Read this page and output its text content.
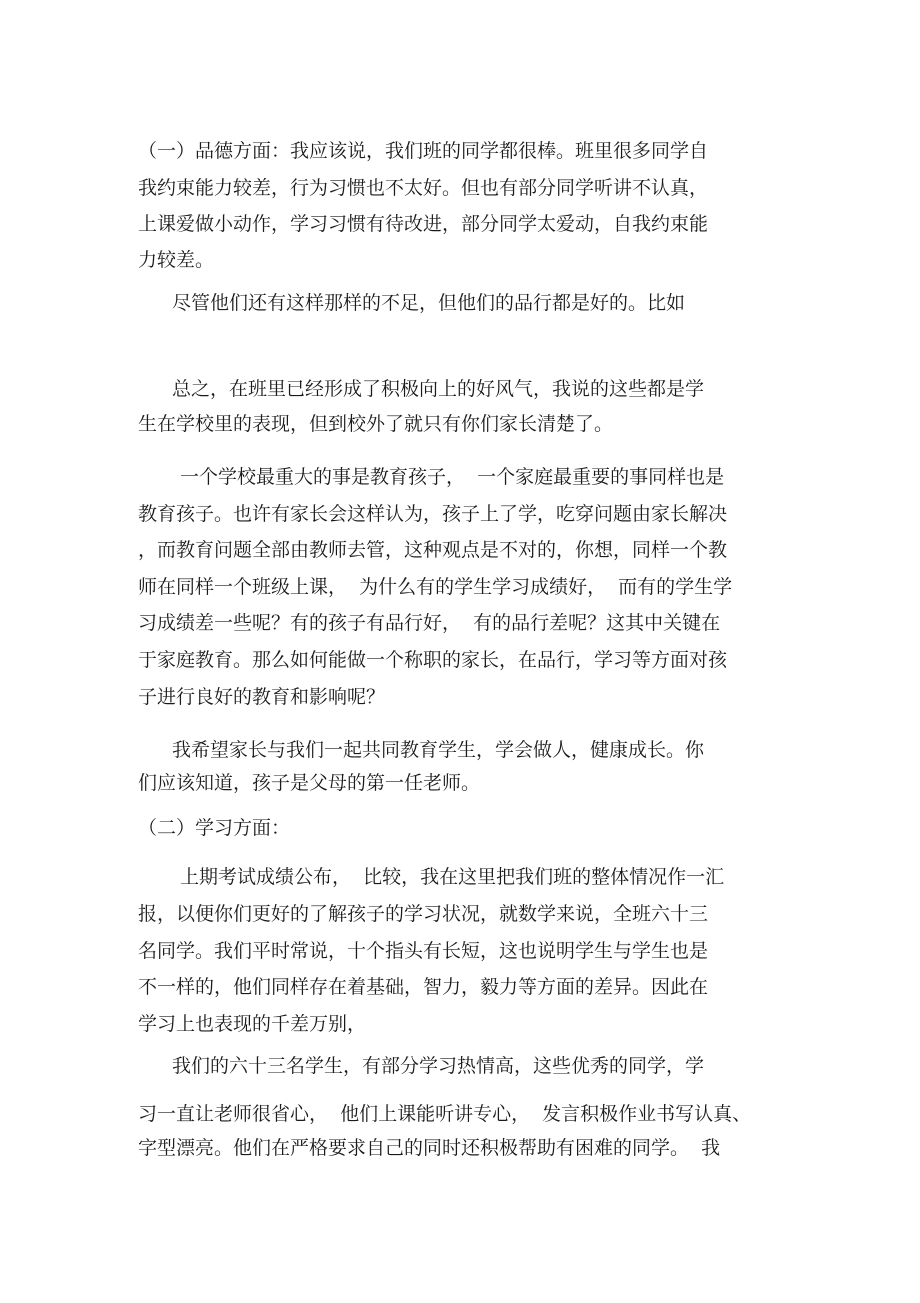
（一）品德方面：我应该说，我们班的同学都很棒。班里很多同学自
我约束能力较差，行为习惯也不太好。但也有部分同学听讲不认真，
上课爱做小动作，学习习惯有待改进，部分同学太爱动，自我约束能
力较差。
尽管他们还有这样那样的不足，但他们的品行都是好的。比如
总之，在班里已经形成了积极向上的好风气，我说的这些都是学
生在学校里的表现，但到校外了就只有你们家长清楚了。
一个学校最重大的事是教育孩子，  一个家庭最重要的事同样也是
教育孩子。也许有家长会这样认为，孩子上了学，吃穿问题由家长解决
，而教育问题全部由教师去管，这种观点是不对的，你想，同样一个教
师在同样一个班级上课，  为什么有的学生学习成绩好，  而有的学生学
习成绩差一些呢？有的孩子有品行好，  有的品行差呢？这其中关键在
于家庭教育。那么如何能做一个称职的家长，在品行，学习等方面对孩
子进行良好的教育和影响呢？
我希望家长与我们一起共同教育学生，学会做人，健康成长。你
们应该知道，孩子是父母的第一任老师。
（二）学习方面：
上期考试成绩公布，  比较，我在这里把我们班的整体情况作一汇
报，以便你们更好的了解孩子的学习状况，就数学来说，全班六十三
名同学。我们平时常说，十个指头有长短，这也说明学生与学生也是
不一样的，他们同样存在着基础，智力，毅力等方面的差异。因此在
学习上也表现的千差万别，
我们的六十三名学生，有部分学习热情高，这些优秀的同学，学
习一直让老师很省心，  他们上课能听讲专心，  发言积极作业书写认真、
字型漂亮。他们在严格要求自己的同时还积极帮助有困难的同学。  我
